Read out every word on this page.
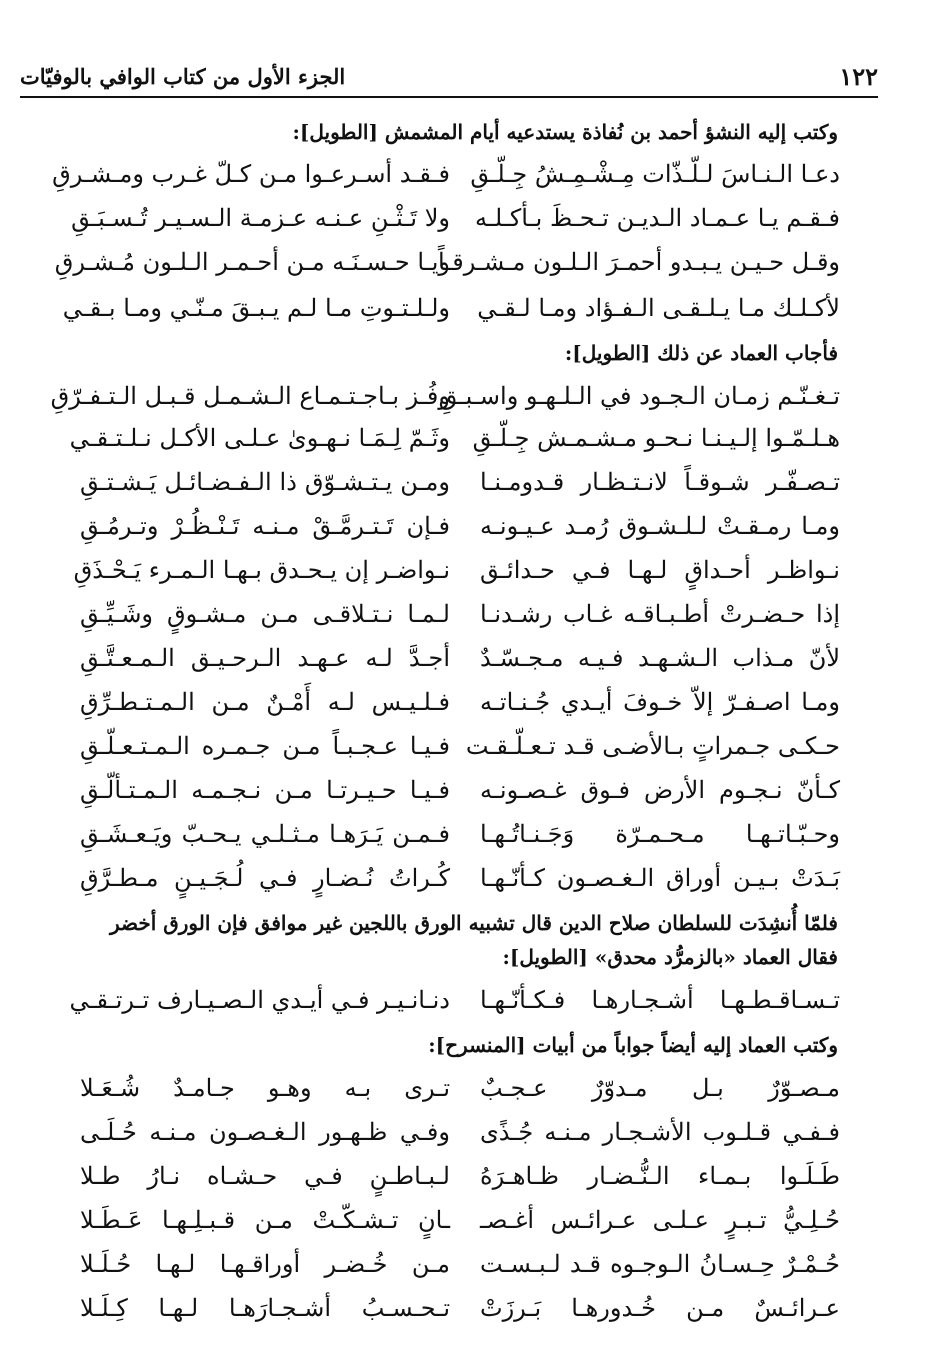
١٢٢
الجزء الأول من كتاب الوافي بالوفيّات
وكتب إليه النشؤ أحمد بن نُفاذة يستدعيه أيام المشمش [الطويل]:
دعـا الـنـاسَ لـلّـذّات مِـشْـمِـشُ جِـلّـقِ
فـقـد أسـرعـوا مـن كـلّ غـرب ومـشـرقِ
فـقـم يـا عـمـاد الـديـن تـحـظَ بـأكـلـه
ولا تَـثْـنِ عـنـه عـزمـة الـسـيـر تُـسـبَـقِ
وقـل حـيـن يـبـدو أحمـرَ الـلـون مـشـرقـاً
ويـا حـسـنَـه مـن أحـمـر الـلـون مُـشـرقِ
لأكـلـك مـا يـلـقـى الـفـؤاد ومـا لـقـي
ولـلـتـوتِ مـا لـم يـبـقَ مـنّـي ومـا بـقـي
فأجاب العماد عن ذلك [الطويل]:
تـغـنّـم زمـان الـجـود في الـلـهـو واسـبـقِ
وفُـز بـاجـتـمـاع الـشـمـل قـبـل الـتـفـرّقِ
هـلـمّـوا إلـيـنـا نـحـو مـشـمـش جِـلّـقِ
وثَـمّ لِـمَـا نـهـوىٰ عـلـى الأكـل نـلـتـقـي
تـصـفّـر شـوقـاً لانـتـظـار قـدومـنـا
ومـن يـتـشـوّق ذا الـفـضـائـل يَـشـتـقِ
ومـا رمـقـتْ لـلـشـوق رُمـد عـيـونـه
فـإن تَـتـرمَّـقْ مـنـه تَـنْـظُـرْ وتـرمُـقِ
نـواظـر أحـداقٍ لـهـا فـي حـدائـق
نـواضـر إن يـحـدق بـهـا الـمـرء يَـحْـذَقِ
إذا حـضـرتْ أطـبـاقـه غـاب رشـدنـا
لـمـا نـتـلاقـى مـن مـشـوقٍ وشَـيِّـقِ
لأنّ مـذاب الـشـهـد فـيـه مـجـسّـدٌ
أجـدَّ لـه عـهـد الـرحـيـق الـمـعـتَّـقِ
ومـا اصـفـرّ إلاّ خـوفَ أيـدي جُـنـاتـه
فـلـيـس لـه أَمْـنٌ مـن الـمـتـطـرِّقِ
حـكـى جـمراتٍ بـالأضـى قـد تـعـلّـقـت
فـيـا عـجـبـاً مـن جـمـره الـمـتـعـلّـقِ
كـأنّ نـجـوم الأرض فـوق غـصـونـه
فـيـا حـيـرتـا مـن نـجـمـه الـمـتـألّـقِ
وحـبّـاتـهـا مـحـمـرّة وَجَـنـاتُـهـا
فـمـن يَـرَهـا مـثـلـي يـحـبّ ويَـعـشَـقِ
بَـدَتْ بـيـن أوراق الـغـصـون كـأنّـهـا
كُـراتُ نُـضـارٍ فـي لُـجَـيـنٍ مـطـرَّقِ
فلمّا أُنشِدَت للسلطان صلاح الدين قال تشبيه الورق باللجين غير موافق فإن الورق أخضر
فقال العماد «بالزمرُّد محدق» [الطويل]:
تـسـاقـطـهـا أشـجـارهـا فـكـأنّـهـا
دنـانـيـر فـي أيـدي الـصـيـارف تـرتـقـي
وكتب العماد إليه أيضاً جواباً من أبيات [المنسرح]:
مـصـوّرٌ بـل مـدوّرٌ عـجـبٌ
تـرى بـه وهـو جـامـدٌ شُـعَـلا
فـفـي قـلـوب الأشـجـار مـنـه جُـذًى
وفـي ظـهـور الـغـصـون مـنـه حُـلَـى
طَـلَـوا بـمـاء الـنُّـضـار ظـاهـرَهُ
لـبـاطـنٍ فـي حـشـاه نـارُ طـلا
حُـلِـيُّ تـبـرٍ عـلـى عـرائـس أغـصـ
ـانٍ تـشـكّـتْ مـن قـبـلِـهـا عَـطَـلا
حُـمْـرٌ حِـسـانُ الـوجـوه قـد لـبـسـت
مـن خُـضـر أوراقـهـا لـهـا حُـلَـلا
عـرائـسٌ مـن خُـدورهـا بَـرزَتْ
تـحـسـبُ أشـجـارَهـا لـهـا كِـلَـلا
